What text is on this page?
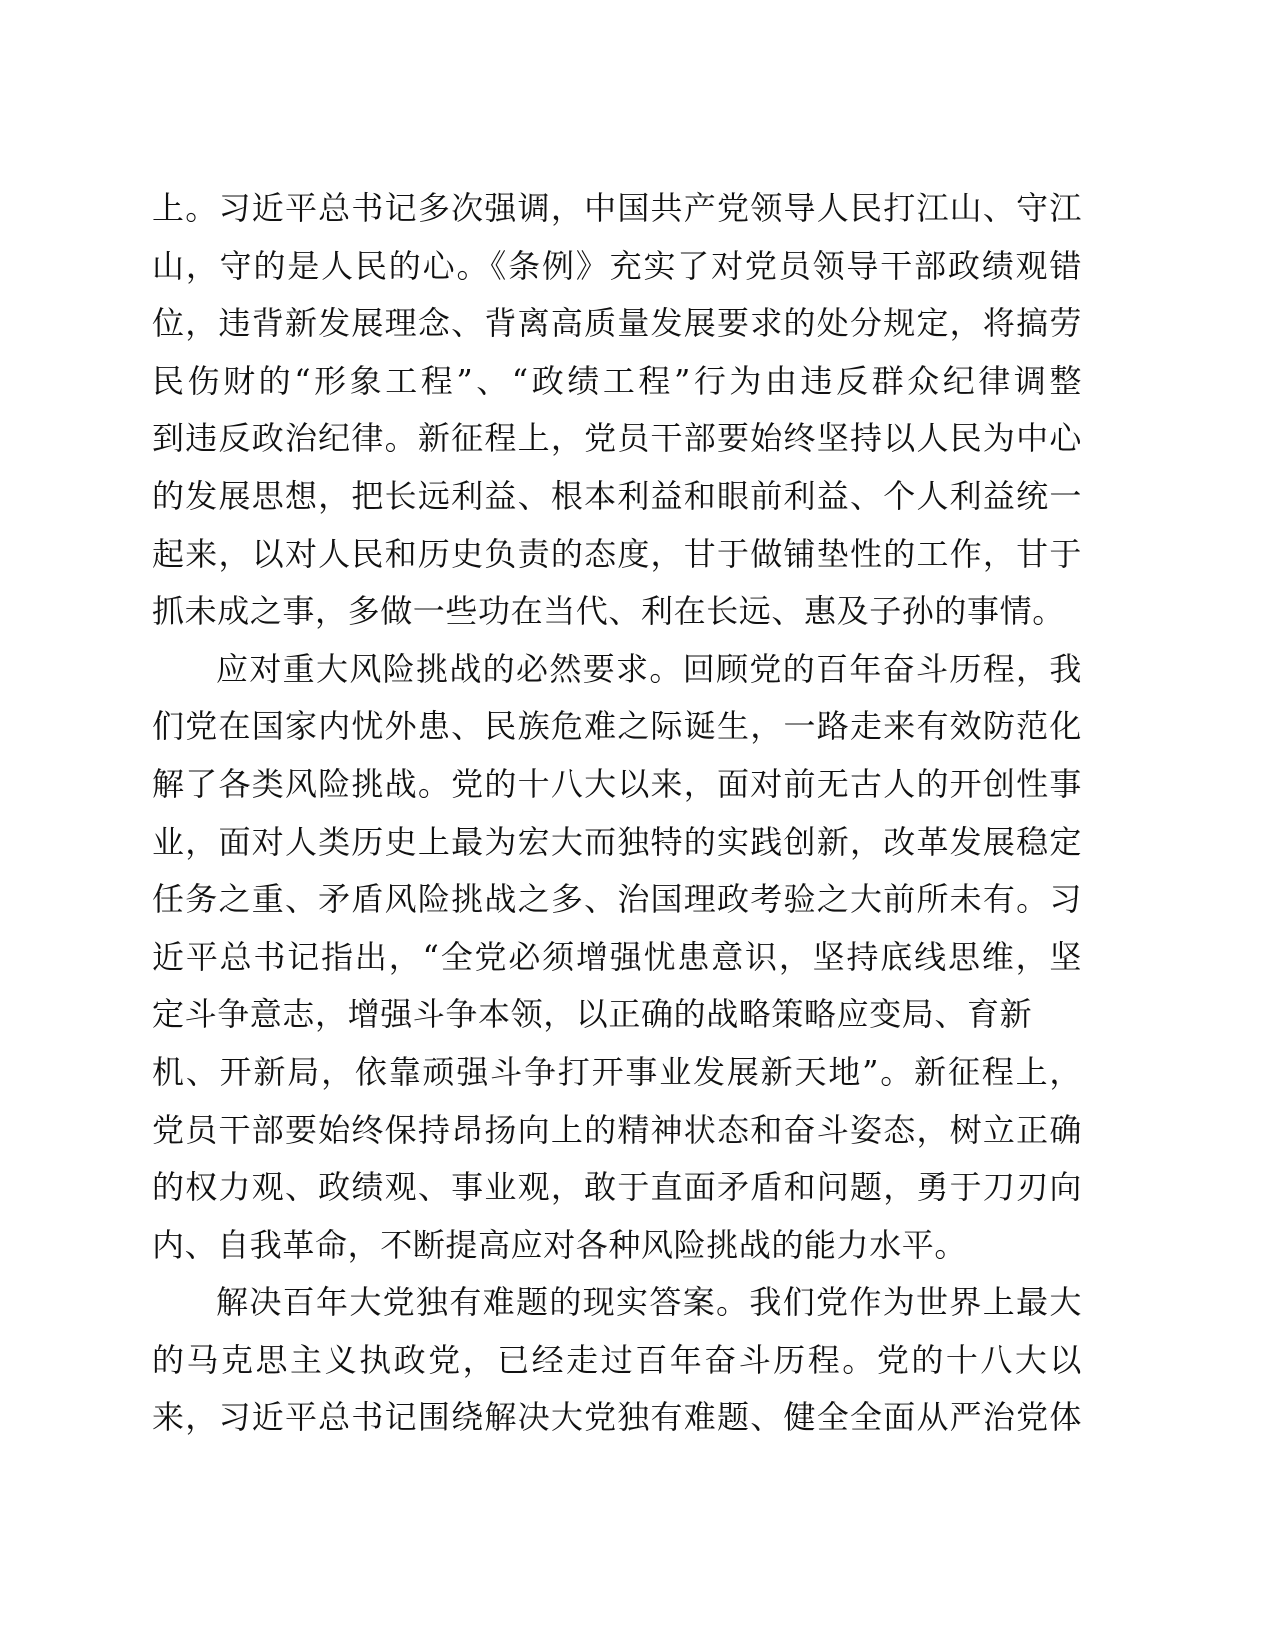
上。习近平总书记多次强调，中国共产党领导人民打江山、守江
山，守的是人民的心。《条例》充实了对党员领导干部政绩观错
位，违背新发展理念、背离高质量发展要求的处分规定，将搞劳
民伤财的“形象工程”、“政绩工程”行为由违反群众纪律调整
到违反政治纪律。新征程上，党员干部要始终坚持以人民为中心
的发展思想，把长远利益、根本利益和眼前利益、个人利益统一
起来，以对人民和历史负责的态度，甘于做铺垫性的工作，甘于
抓未成之事，多做一些功在当代、利在长远、惠及子孙的事情。
应对重大风险挑战的必然要求。回顾党的百年奋斗历程，我
们党在国家内忧外患、民族危难之际诞生，一路走来有效防范化
解了各类风险挑战。党的十八大以来，面对前无古人的开创性事
业，面对人类历史上最为宏大而独特的实践创新，改革发展稳定
任务之重、矛盾风险挑战之多、治国理政考验之大前所未有。习
近平总书记指出，“全党必须增强忧患意识，坚持底线思维，坚
定斗争意志，增强斗争本领，以正确的战略策略应变局、育新
机、开新局，依靠顽强斗争打开事业发展新天地”。新征程上，
党员干部要始终保持昂扬向上的精神状态和奋斗姿态，树立正确
的权力观、政绩观、事业观，敢于直面矛盾和问题，勇于刀刃向
内、自我革命，不断提高应对各种风险挑战的能力水平。
解决百年大党独有难题的现实答案。我们党作为世界上最大
的马克思主义执政党，已经走过百年奋斗历程。党的十八大以
来，习近平总书记围绕解决大党独有难题、健全全面从严治党体
